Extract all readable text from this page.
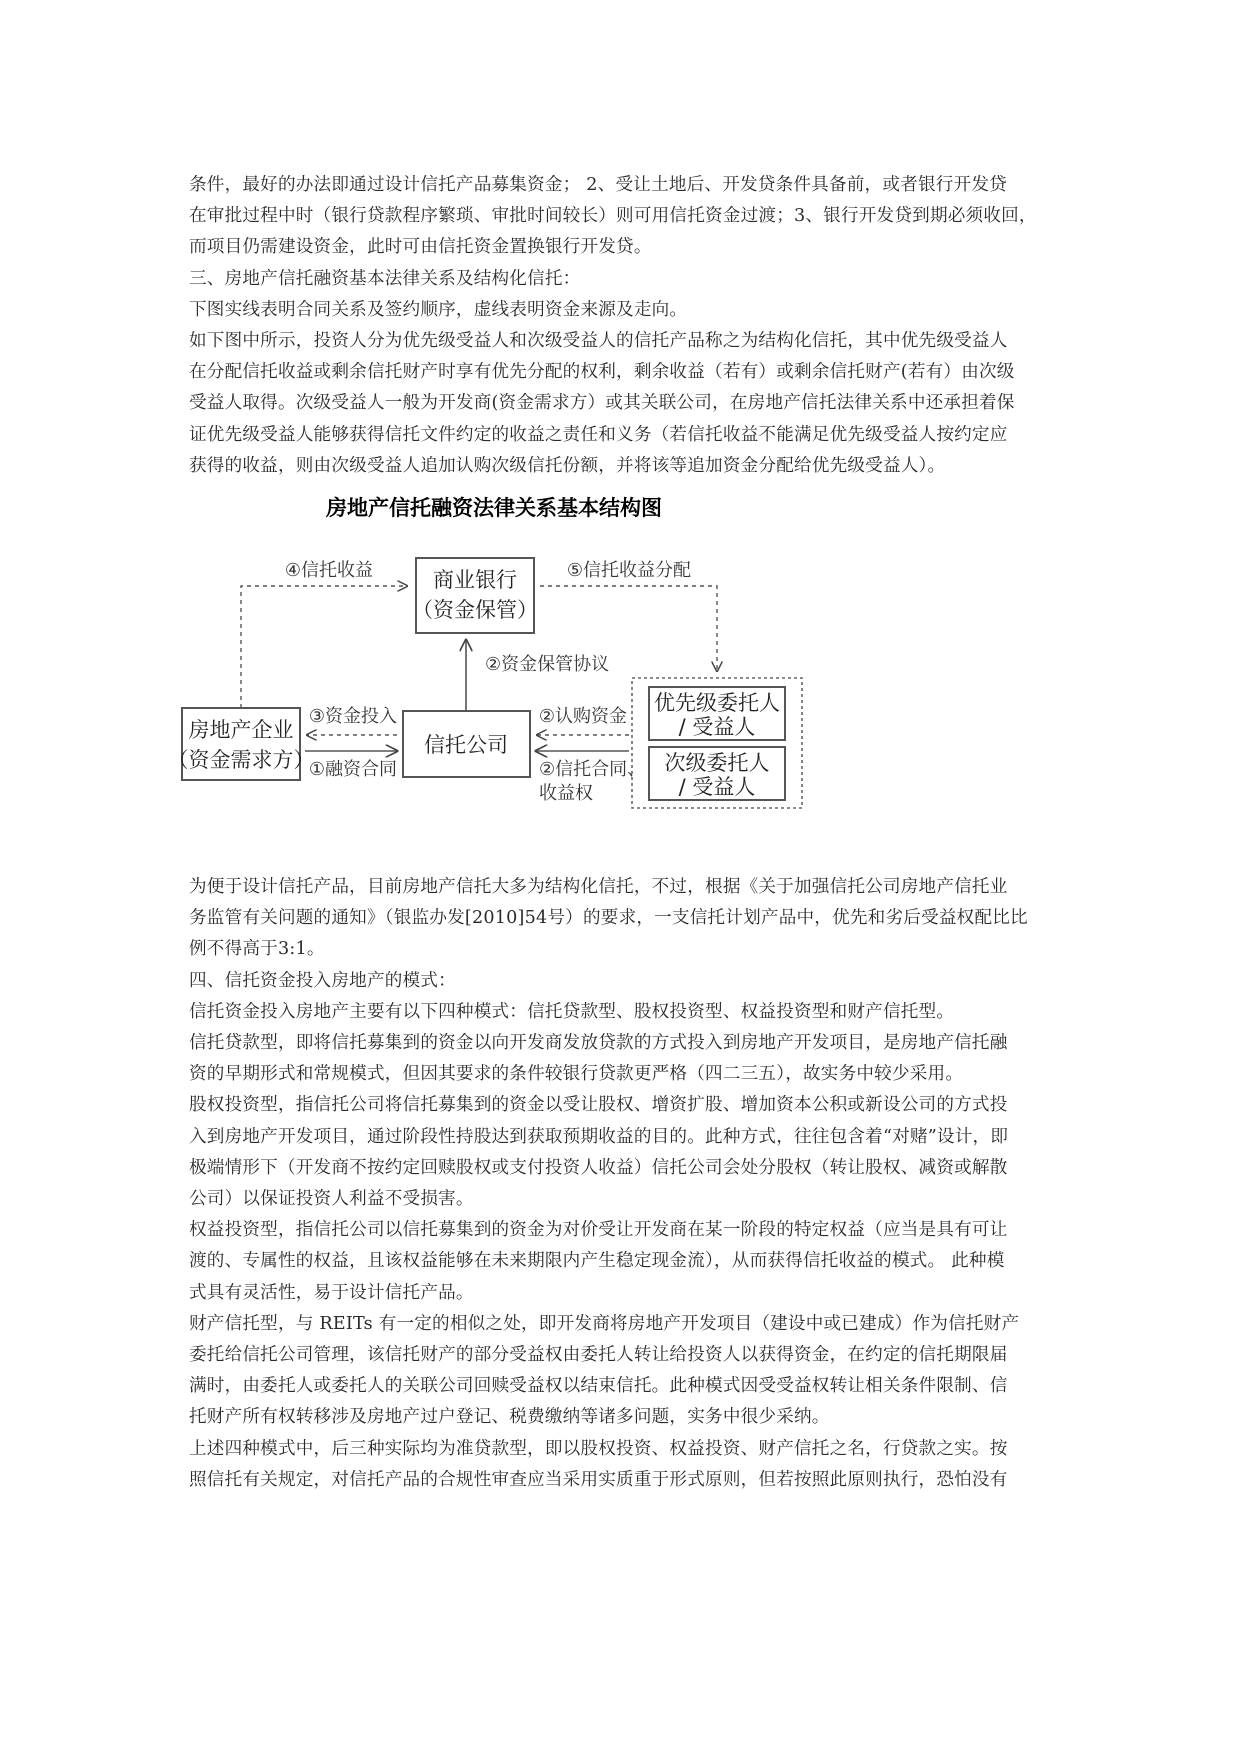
条件，最好的办法即通过设计信托产品募集资金； 2、受让土地后、开发贷条件具备前，或者银行开发贷
在审批过程中时（银行贷款程序繁琐、审批时间较长）则可用信托资金过渡；3、银行开发贷到期必须收回，
而项目仍需建设资金，此时可由信托资金置换银行开发贷。

三、房地产信托融资基本法律关系及结构化信托：

下图实线表明合同关系及签约顺序，虚线表明资金来源及走向。

如下图中所示，投资人分为优先级受益人和次级受益人的信托产品称之为结构化信托，其中优先级受益人
在分配信托收益或剩余信托财产时享有优先分配的权利，剩余收益（若有）或剩余信托财产(若有）由次级
受益人取得。次级受益人一般为开发商(资金需求方）或其关联公司，在房地产信托法律关系中还承担着保
证优先级受益人能够获得信托文件约定的收益之责任和义务（若信托收益不能满足优先级受益人按约定应
获得的收益，则由次级受益人追加认购次级信托份额，并将该等追加资金分配给优先级受益人）。

房地产信托融资法律关系基本结构图
商业银行
（资金保管）
房地产企业
（资金需求方）
信托公司
优先级委托人
/ 受益人
次级委托人
/ 受益人
④信托收益	⑤信托收益分配
②资金保管协议
③资金投入
①融资合同
②认购资金
②信托合同、
收益权

为便于设计信托产品，目前房地产信托大多为结构化信托，不过，根据《关于加强信托公司房地产信托业
务监管有关问题的通知》（银监办发[2010]54号）的要求，一支信托计划产品中，优先和劣后受益权配比比
例不得高于3:1。

四、信托资金投入房地产的模式：

信托资金投入房地产主要有以下四种模式：信托贷款型、股权投资型、权益投资型和财产信托型。

信托贷款型，即将信托募集到的资金以向开发商发放贷款的方式投入到房地产开发项目，是房地产信托融
资的早期形式和常规模式，但因其要求的条件较银行贷款更严格（四二三五），故实务中较少采用。

股权投资型，指信托公司将信托募集到的资金以受让股权、增资扩股、增加资本公积或新设公司的方式投
入到房地产开发项目，通过阶段性持股达到获取预期收益的目的。此种方式，往往包含着“对赌”设计，即
极端情形下（开发商不按约定回赎股权或支付投资人收益）信托公司会处分股权（转让股权、减资或解散
公司）以保证投资人利益不受损害。

权益投资型，指信托公司以信托募集到的资金为对价受让开发商在某一阶段的特定权益（应当是具有可让
渡的、专属性的权益，且该权益能够在未来期限内产生稳定现金流），从而获得信托收益的模式。 此种模
式具有灵活性，易于设计信托产品。

财产信托型，与 REITs 有一定的相似之处，即开发商将房地产开发项目（建设中或已建成）作为信托财产
委托给信托公司管理，该信托财产的部分受益权由委托人转让给投资人以获得资金，在约定的信托期限届
满时，由委托人或委托人的关联公司回赎受益权以结束信托。此种模式因受受益权转让相关条件限制、信
托财产所有权转移涉及房地产过户登记、税费缴纳等诸多问题，实务中很少采纳。

上述四种模式中，后三种实际均为准贷款型，即以股权投资、权益投资、财产信托之名，行贷款之实。按
照信托有关规定，对信托产品的合规性审查应当采用实质重于形式原则，但若按照此原则执行，恐怕没有
